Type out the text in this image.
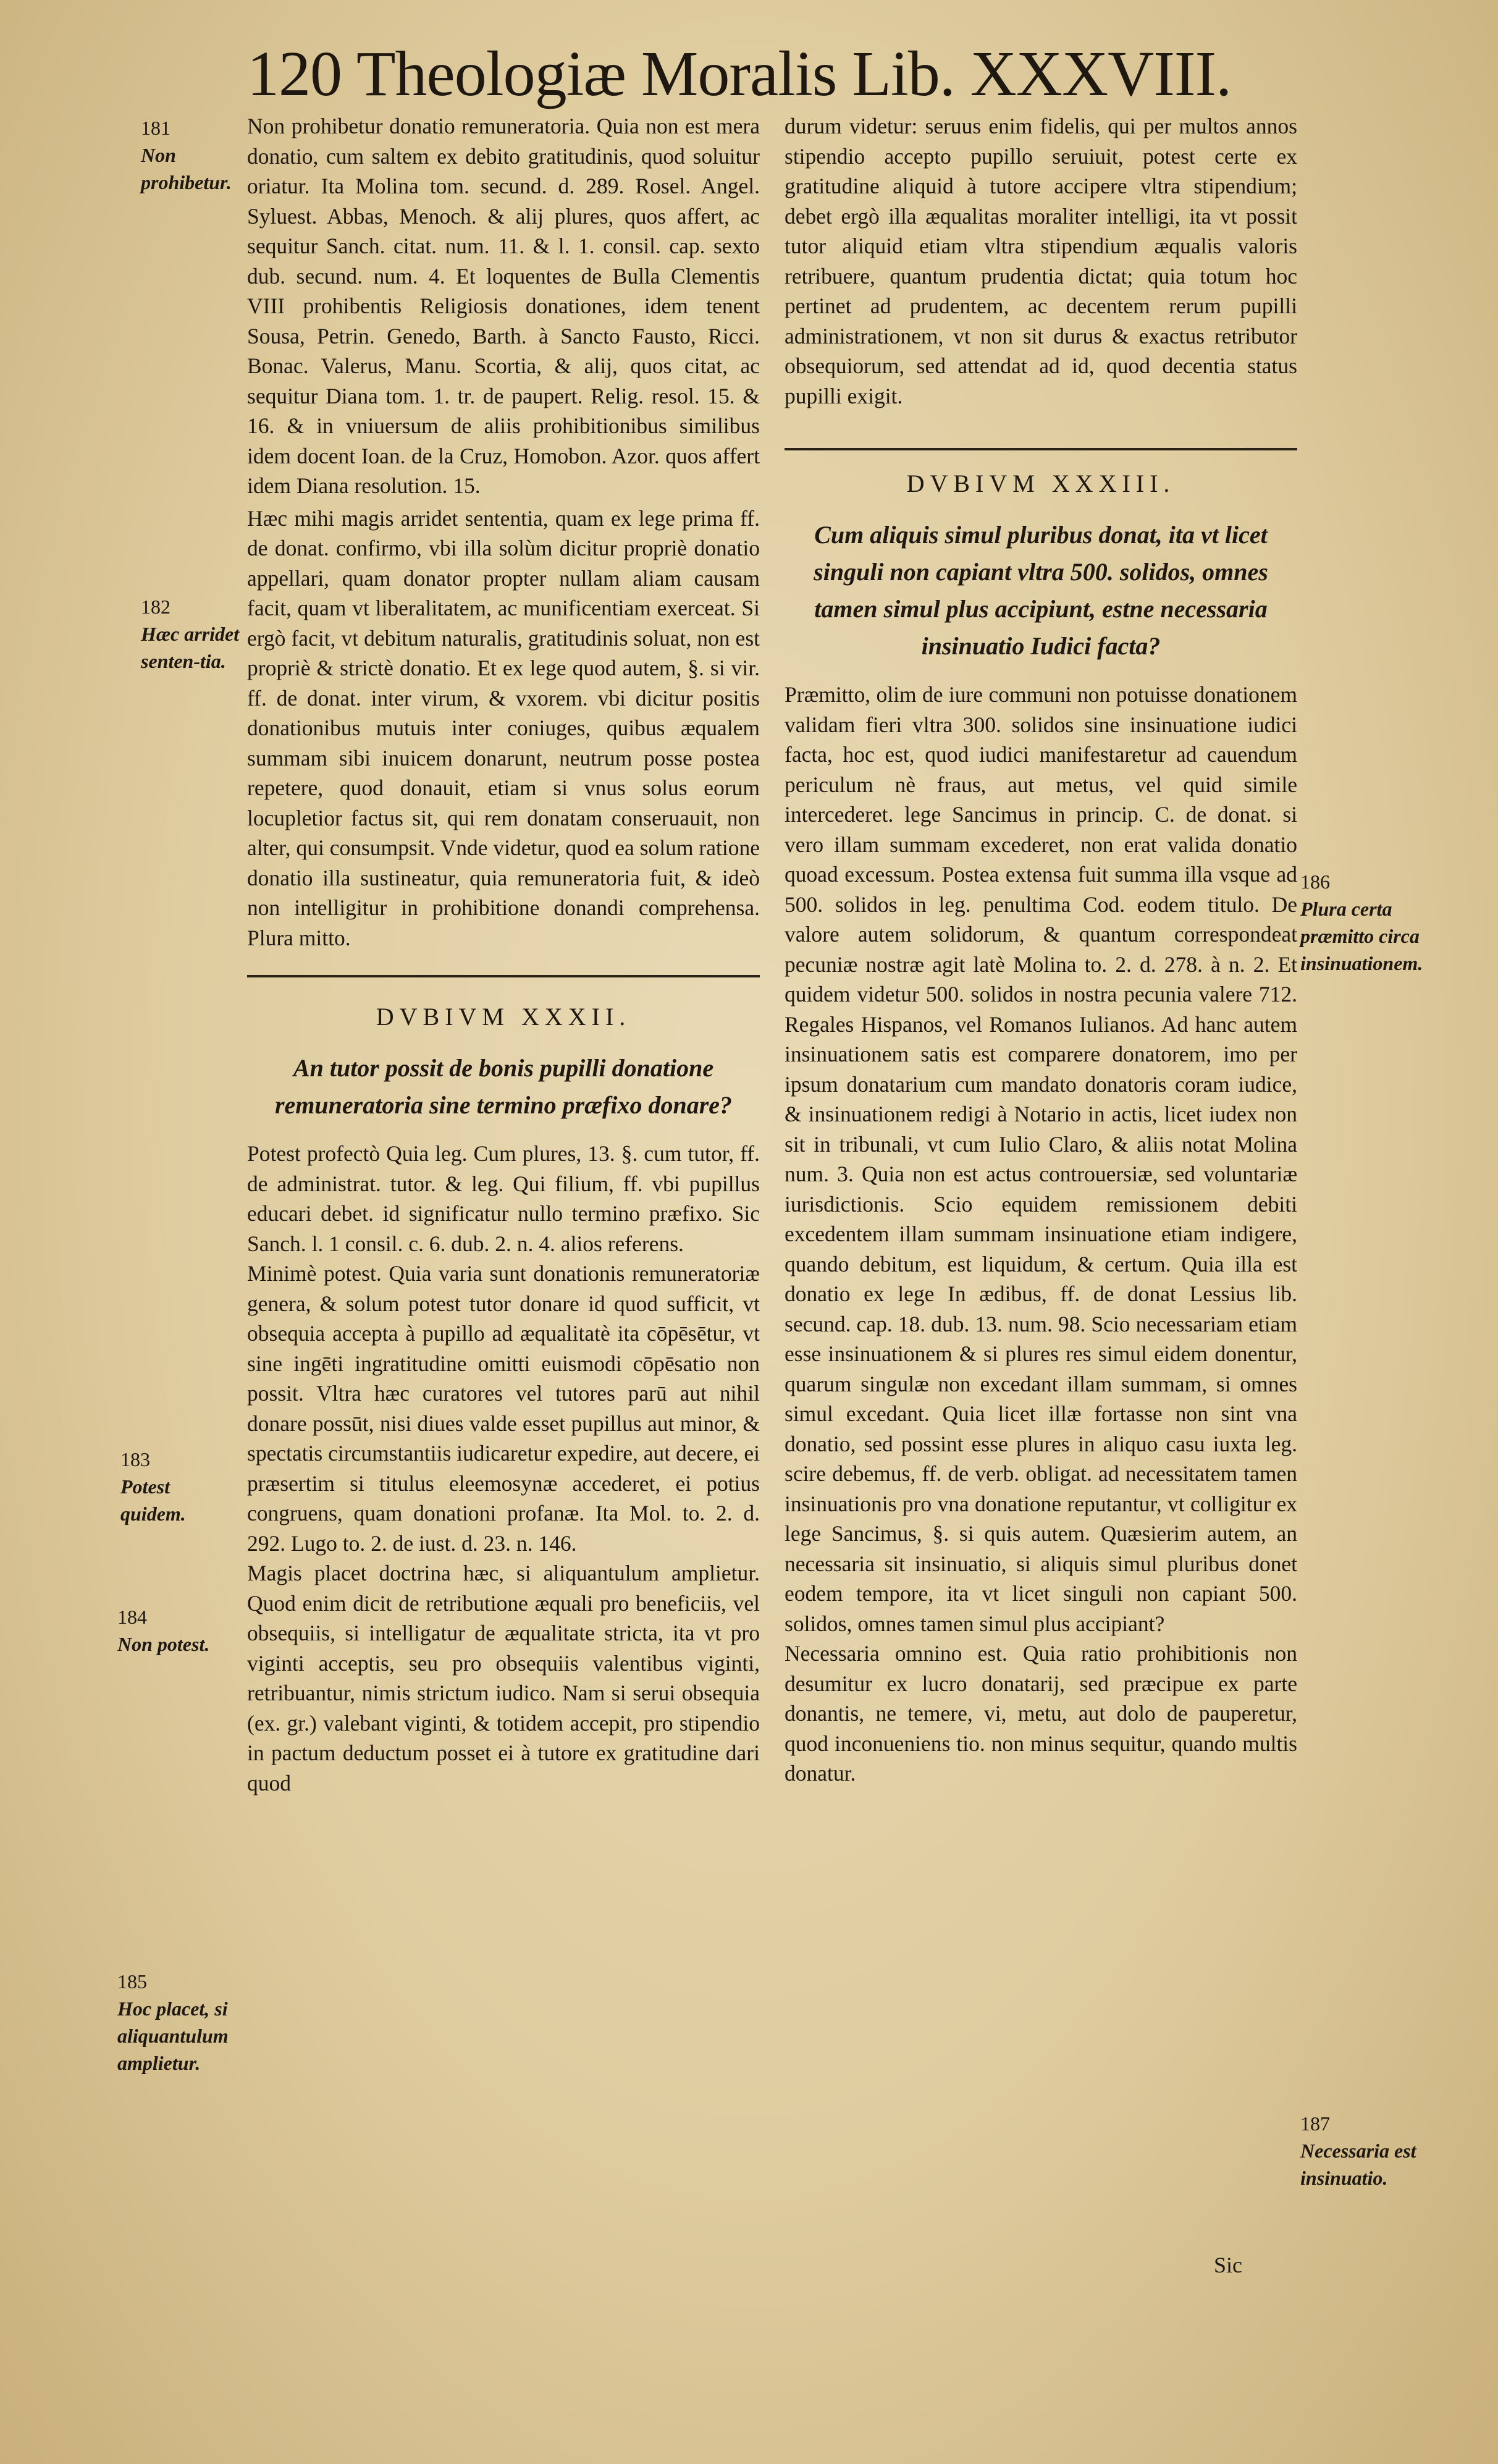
120 Theologiæ Moralis Lib. XXXVIII.
181
Non prohibetur.
182
Hæc arridet senten-tia.
183
Potest quidem.
184
Non potest.
185
Hoc placet, si aliquantulum amplietur.
186
Plura certa præmitto circa insinuationem.
187
Necessaria est insinuatio.

Non prohibetur donatio remuneratoria. Quia non est mera donatio, cum saltem ex debito gratitudinis, quod soluitur oriatur. Ita Molina tom. secund. d. 289. Rosel. Angel. Syluest. Abbas, Menoch. & alij plures, quos affert, ac sequitur Sanch. citat. num. 11. & l. 1. consil. cap. sexto dub. secund. num. 4. Et loquentes de Bulla Clementis VIII prohibentis Religiosis donationes, idem tenent Sousa, Petrin. Genedo, Barth. à Sancto Fausto, Ricci. Bonac. Valerus, Manu. Scortia, & alij, quos citat, ac sequitur Diana tom. 1. tr. de paupert. Relig. resol. 15. & 16. & in vniuersum de aliis prohibitionibus similibus idem docent Ioan. de la Cruz, Homobon. Azor. quos affert idem Diana resolution. 15.

Hæc mihi magis arridet sententia, quam ex lege prima ff. de donat. confirmo, vbi illa solùm dicitur propriè donatio appellari, quam donator propter nullam aliam causam facit, quam vt liberalitatem, ac munificentiam exerceat. Si ergò facit, vt debitum naturalis, gratitudinis soluat, non est propriè & strictè donatio. Et ex lege quod autem, §. si vir. ff. de donat. inter virum, & vxorem. vbi dicitur positis donationibus mutuis inter coniuges, quibus æqualem summam sibi inuicem donarunt, neutrum posse postea repetere, quod donauit, etiam si vnus solus eorum locupletior factus sit, qui rem donatam conseruauit, non alter, qui consumpsit. Vnde videtur, quod ea solum ratione donatio illa sustineatur, quia remuneratoria fuit, & ideò non intelligitur in prohibitione donandi comprehensa. Plura mitto.

DVBIVM XXXII.

An tutor possit de bonis pupilli donatione remuneratoria sine termino præfixo donare?

Potest profectò Quia leg. Cum plures, 13. §. cum tutor, ff. de administrat. tutor. & leg. Qui filium, ff. vbi pupillus educari debet. id significatur nullo termino præfixo. Sic Sanch. l. 1 consil. c. 6. dub. 2. n. 4. alios referens.

Minimè potest. Quia varia sunt donationis remuneratoriæ genera, & solum potest tutor donare id quod sufficit, vt obsequia accepta à pupillo ad æqualitatè ita cōpēsētur, vt sine ingēti ingratitudine omitti euismodi cōpēsatio non possit. Vltra hæc curatores vel tutores parū aut nihil donare possūt, nisi diues valde esset pupillus aut minor, & spectatis circumstantiis iudicaretur expedire, aut decere, ei præsertim si titulus eleemosynæ accederet, ei potius congruens, quam donationi profanæ. Ita Mol. to. 2. d. 292. Lugo to. 2. de iust. d. 23. n. 146.

Magis placet doctrina hæc, si aliquantulum amplietur. Quod enim dicit de retributione æquali pro beneficiis, vel obsequiis, si intelligatur de æqualitate stricta, ita vt pro viginti acceptis, seu pro obsequiis valentibus viginti, retribuantur, nimis strictum iudico. Nam si serui obsequia (ex. gr.) valebant viginti, & totidem accepit, pro stipendio in pactum deductum posset ei à tutore ex gratitudine dari quod

durum videtur: seruus enim fidelis, qui per multos annos stipendio accepto pupillo seruiuit, potest certe ex gratitudine aliquid à tutore accipere vltra stipendium; debet ergò illa æqualitas moraliter intelligi, ita vt possit tutor aliquid etiam vltra stipendium æqualis valoris retribuere, quantum prudentia dictat; quia totum hoc pertinet ad prudentem, ac decentem rerum pupilli administrationem, vt non sit durus & exactus retributor obsequiorum, sed attendat ad id, quod decentia status pupilli exigit.

DVBIVM XXXIII.

Cum aliquis simul pluribus donat, ita vt licet singuli non capiant vltra 500. solidos, omnes tamen simul plus accipiunt, estne necessaria insinuatio Iudici facta?

Præmitto, olim de iure communi non potuisse donationem validam fieri vltra 300. solidos sine insinuatione iudici facta, hoc est, quod iudici manifestaretur ad cauendum periculum nè fraus, aut metus, vel quid simile intercederet. lege Sancimus in princip. C. de donat. si vero illam summam excederet, non erat valida donatio quoad excessum. Postea extensa fuit summa illa vsque ad 500. solidos in leg. penultima Cod. eodem titulo. De valore autem solidorum, & quantum correspondeat pecuniæ nostræ agit latè Molina to. 2. d. 278. à n. 2. Et quidem videtur 500. solidos in nostra pecunia valere 712. Regales Hispanos, vel Romanos Iulianos. Ad hanc autem insinuationem satis est comparere donatorem, imo per ipsum donatarium cum mandato donatoris coram iudice, & insinuationem redigi à Notario in actis, licet iudex non sit in tribunali, vt cum Iulio Claro, & aliis notat Molina num. 3. Quia non est actus controuersiæ, sed voluntariæ iurisdictionis. Scio equidem remissionem debiti excedentem illam summam insinuatione etiam indigere, quando debitum, est liquidum, & certum. Quia illa est donatio ex lege In ædibus, ff. de donat Lessius lib. secund. cap. 18. dub. 13. num. 98. Scio necessariam etiam esse insinuationem & si plures res simul eidem donentur, quarum singulæ non excedant illam summam, si omnes simul excedant. Quia licet illæ fortasse non sint vna donatio, sed possint esse plures in aliquo casu iuxta leg. scire debemus, ff. de verb. obligat. ad necessitatem tamen insinuationis pro vna donatione reputantur, vt colligitur ex lege Sancimus, §. si quis autem. Quæsierim autem, an necessaria sit insinuatio, si aliquis simul pluribus donet eodem tempore, ita vt licet singuli non capiant 500. solidos, omnes tamen simul plus accipiant?

Necessaria omnino est. Quia ratio prohibitionis non desumitur ex lucro donatarij, sed præcipue ex parte donantis, ne temere, vi, metu, aut dolo de pauperetur, quod inconueniens tio. non minus sequitur, quando multis donatur.

Sic
